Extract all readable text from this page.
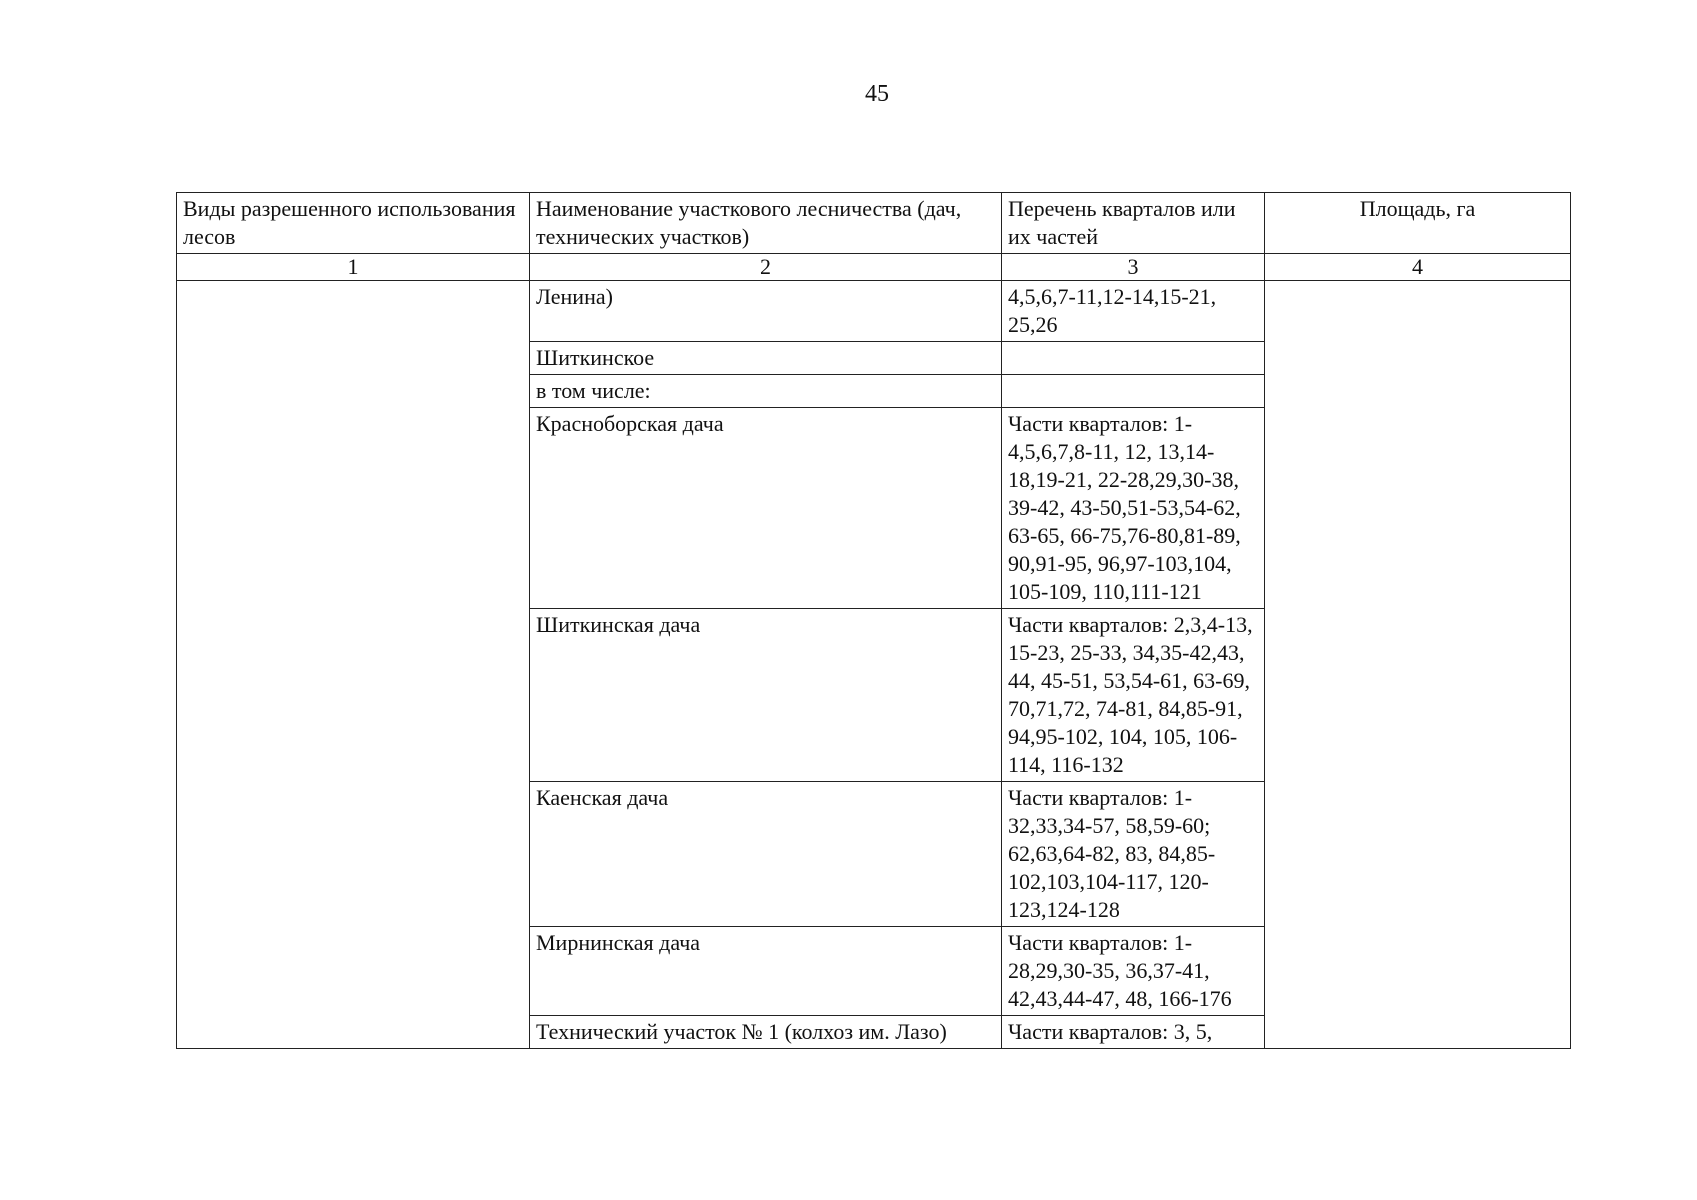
45
Виды разрешенного использования лесов	Наименование участкового лесничества (дач, технических участков)	Перечень кварталов или их частей	Площадь, га
1	2	3	4
	Ленина)	4,5,6,7-11,12-14,15-21, 25,26	
	Шиткинское		
	в том числе:		
	Красноборская дача	Части кварталов: 1-4,5,6,7,8-11, 12, 13,14-18,19-21, 22-28,29,30-38, 39-42, 43-50,51-53,54-62, 63-65, 66-75,76-80,81-89, 90,91-95, 96,97-103,104, 105-109, 110,111-121	
	Шиткинская дача	Части кварталов: 2,3,4-13, 15-23, 25-33, 34,35-42,43, 44, 45-51, 53,54-61, 63-69, 70,71,72, 74-81, 84,85-91, 94,95-102, 104, 105, 106-114, 116-132	
	Каенская дача	Части кварталов: 1-32,33,34-57, 58,59-60; 62,63,64-82, 83, 84,85-102,103,104-117, 120-123,124-128	
	Мирнинская дача	Части кварталов: 1-28,29,30-35, 36,37-41, 42,43,44-47, 48, 166-176	
	Технический участок № 1 (колхоз им. Лазо)	Части кварталов: 3, 5,	
